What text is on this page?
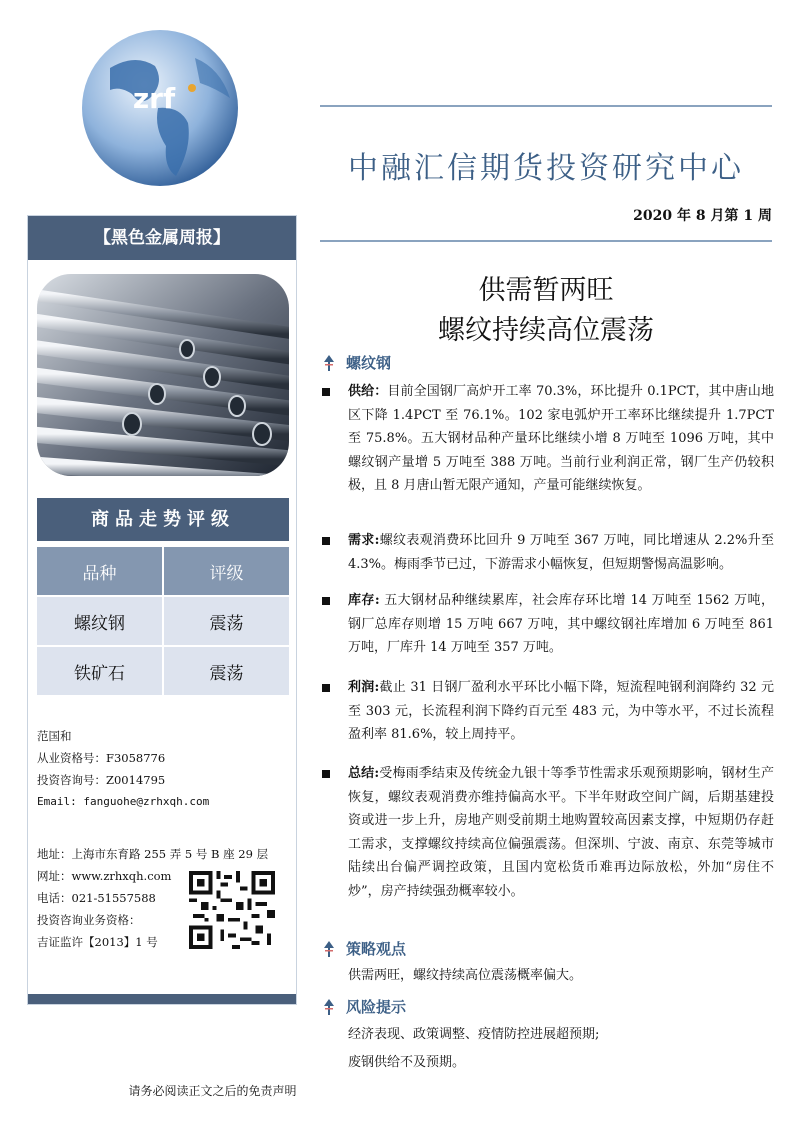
zrf
中融汇信期货投资研究中心
2020 年 8 月第 1 周
供需暂两旺
螺纹持续高位震荡
【黑色金属周报】
商品走势评级
品种	评级
螺纹钢	震荡
铁矿石	震荡
范国和
从业资格号：F3058776
投资咨询号：Z0014795
Email: fanguohe@zrhxqh.com
地址：上海市东育路 255 弄 5 号 B 座 29 层
网址：www.zrhxqh.com
电话：021-51557588
投资咨询业务资格：
吉证监许【2013】1 号
螺纹钢
供给：目前全国钢厂高炉开工率 70.3%，环比提升 0.1PCT，其中唐山地区下降 1.4PCT 至 76.1%。102 家电弧炉开工率环比继续提升 1.7PCT 至 75.8%。五大钢材品种产量环比继续小增 8 万吨至 1096 万吨，其中螺纹钢产量增 5 万吨至 388 万吨。当前行业利润正常，钢厂生产仍较积极，且 8 月唐山暂无限产通知，产量可能继续恢复。
需求:螺纹表观消费环比回升 9 万吨至 367 万吨，同比增速从 2.2%升至 4.3%。梅雨季节已过，下游需求小幅恢复，但短期警惕高温影响。
库存: 五大钢材品种继续累库，社会库存环比增 14 万吨至 1562 万吨，钢厂总库存则增 15 万吨 667 万吨，其中螺纹钢社库增加 6 万吨至 861 万吨，厂库升 14 万吨至 357 万吨。
利润:截止 31 日钢厂盈利水平环比小幅下降，短流程吨钢利润降约 32 元至 303 元，长流程利润下降约百元至 483 元，为中等水平，不过长流程盈利率 81.6%，较上周持平。
总结:受梅雨季结束及传统金九银十等季节性需求乐观预期影响，钢材生产恢复，螺纹表观消费亦维持偏高水平。下半年财政空间广阔，后期基建投资或进一步上升，房地产则受前期土地购置较高因素支撑，中短期仍存赶工需求，支撑螺纹持续高位偏强震荡。但深圳、宁波、南京、东莞等城市陆续出台偏严调控政策，且国内宽松货币难再边际放松，外加“房住不炒”，房产持续强劲概率较小。
策略观点
供需两旺，螺纹持续高位震荡概率偏大。
风险提示
经济表现、政策调整、疫情防控进展超预期;
废钢供给不及预期。
请务必阅读正文之后的免责声明
